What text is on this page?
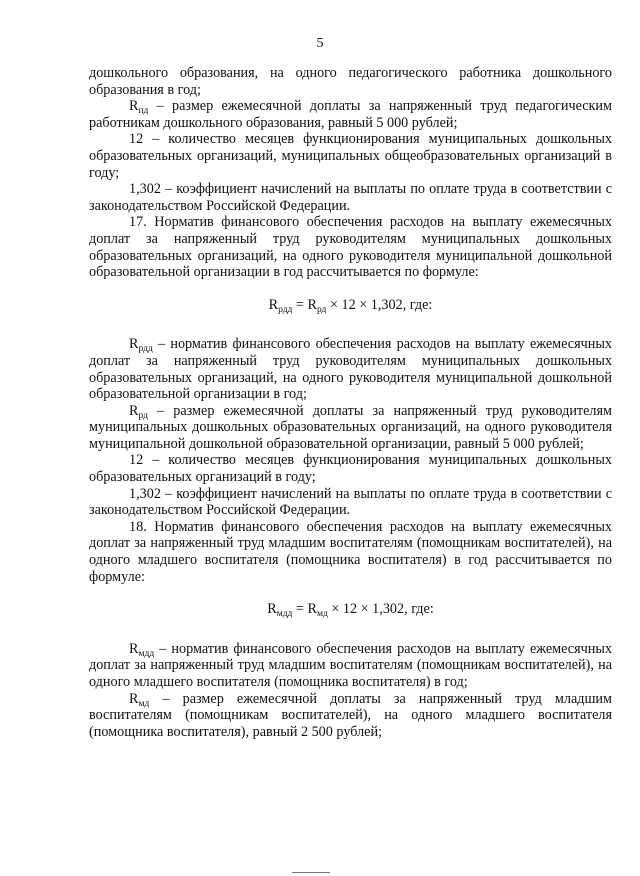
5

дошкольного образования, на одного педагогического работника дошкольного образования в год;

$R_{пд}$ – размер ежемесячной доплаты за напряженный труд педагогическим работникам дошкольного образования, равный 5 000 рублей;

12 – количество месяцев функционирования муниципальных дошкольных образовательных организаций, муниципальных общеобразовательных организаций в году;

1,302 – коэффициент начислений на выплаты по оплате труда в соответствии с законодательством Российской Федерации.

17. Норматив финансового обеспечения расходов на выплату ежемесячных доплат за напряженный труд руководителям муниципальных дошкольных образовательных организаций, на одного руководителя муниципальной дошкольной образовательной организации в год рассчитывается по формуле:

$R_{рдд} = R_{рд} \times 12 \times 1,302$, где:

$R_{рдд}$ – норматив финансового обеспечения расходов на выплату ежемесячных доплат за напряженный труд руководителям муниципальных дошкольных образовательных организаций, на одного руководителя муниципальной дошкольной образовательной организации в год;

$R_{рд}$ – размер ежемесячной доплаты за напряженный труд руководителям муниципальных дошкольных образовательных организаций, на одного руководителя муниципальной дошкольной образовательной организации, равный 5 000 рублей;

12 – количество месяцев функционирования муниципальных дошкольных образовательных организаций в году;

1,302 – коэффициент начислений на выплаты по оплате труда в соответствии с законодательством Российской Федерации.

18. Норматив финансового обеспечения расходов на выплату ежемесячных доплат за напряженный труд младшим воспитателям (помощникам воспитателей), на одного младшего воспитателя (помощника воспитателя) в год рассчитывается по формуле:

$R_{мдд} = R_{мд} \times 12 \times 1,302$, где:

$R_{мдд}$ – норматив финансового обеспечения расходов на выплату ежемесячных доплат за напряженный труд младшим воспитателям (помощникам воспитателей), на одного младшего воспитателя (помощника воспитателя) в год;

$R_{мд}$ – размер ежемесячной доплаты за напряженный труд младшим воспитателям (помощникам воспитателей), на одного младшего воспитателя (помощника воспитателя), равный 2 500 рублей;
